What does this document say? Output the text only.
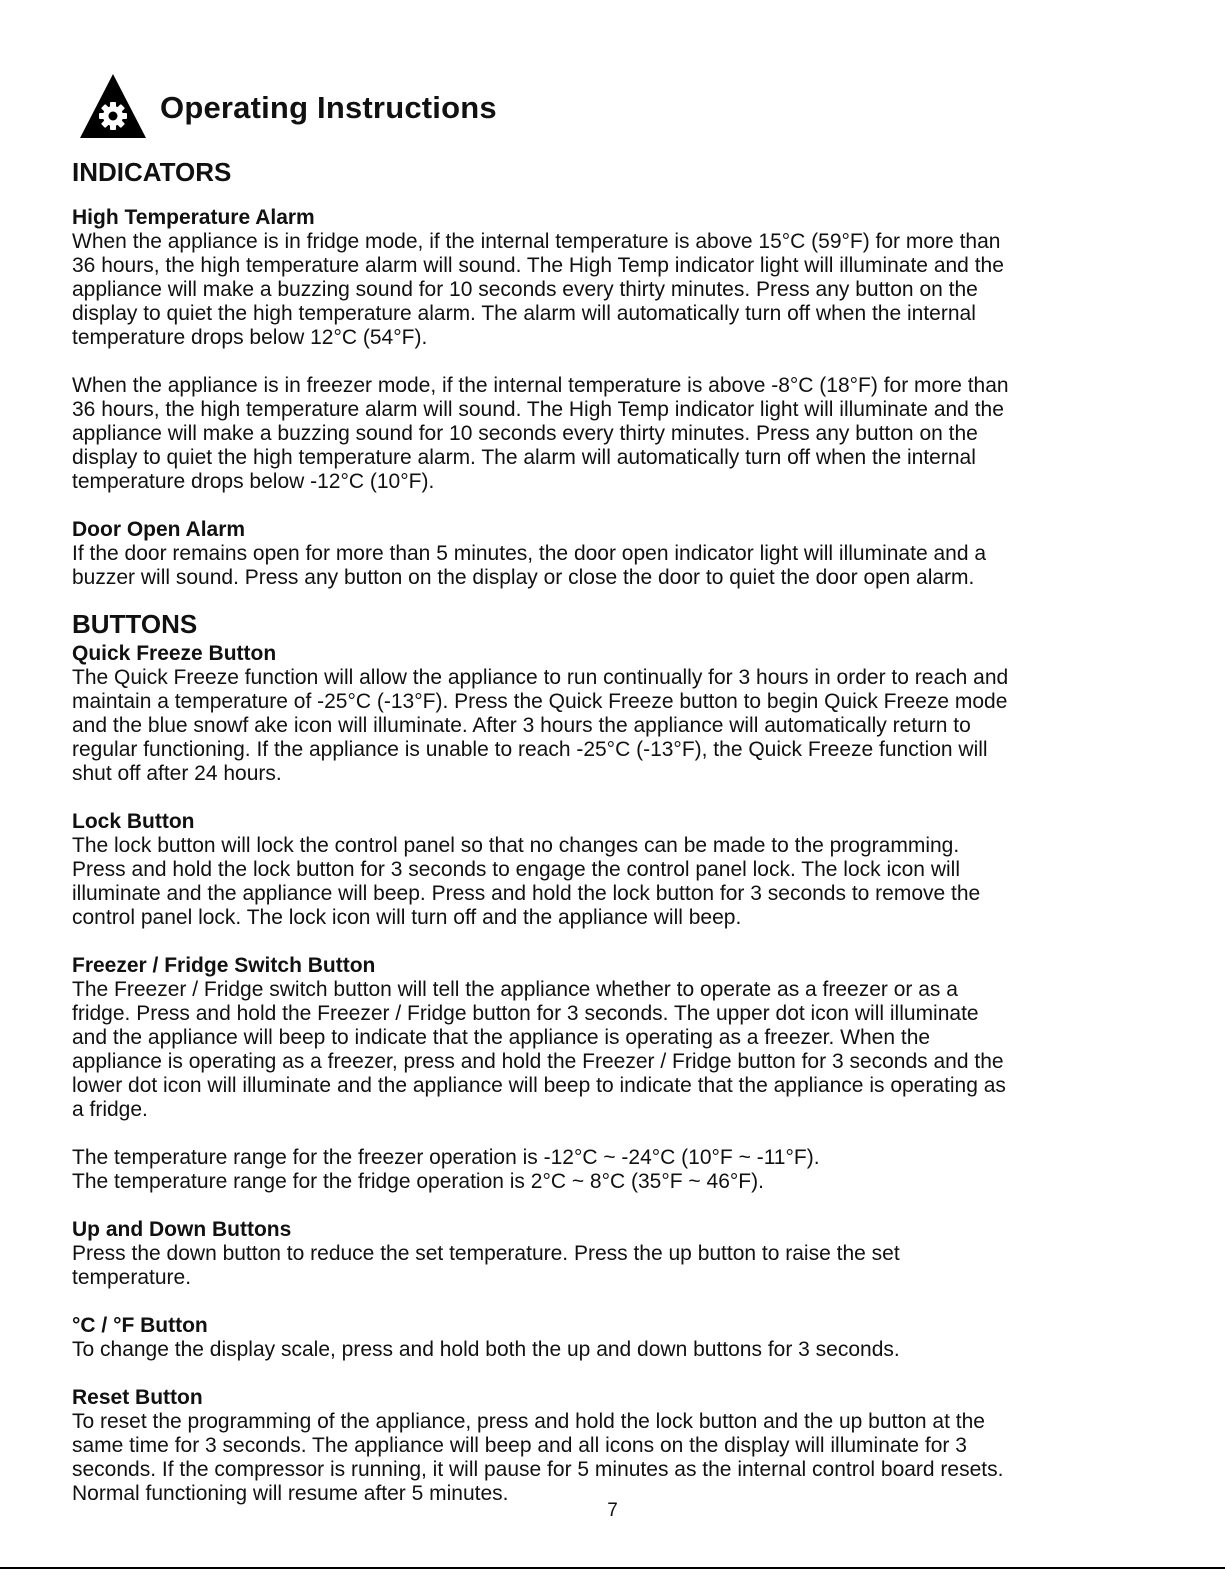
Operating Instructions
INDICATORS
High Temperature Alarm

When the appliance is in fridge mode, if the internal temperature is above 15°C (59°F) for more than
36 hours, the high temperature alarm will sound. The High Temp indicator light will illuminate and the
appliance will make a buzzing sound for 10 seconds every thirty minutes. Press any button on the
display to quiet the high temperature alarm. The alarm will automatically turn off when the internal
temperature drops below 12°C (54°F).

When the appliance is in freezer mode, if the internal temperature is above -8°C (18°F) for more than
36 hours, the high temperature alarm will sound. The High Temp indicator light will illuminate and the
appliance will make a buzzing sound for 10 seconds every thirty minutes. Press any button on the
display to quiet the high temperature alarm. The alarm will automatically turn off when the internal
temperature drops below -12°C (10°F).

Door Open Alarm

If the door remains open for more than 5 minutes, the door open indicator light will illuminate and a
buzzer will sound. Press any button on the display or close the door to quiet the door open alarm.

BUTTONS
Quick Freeze Button

The Quick Freeze function will allow the appliance to run continually for 3 hours in order to reach and
maintain a temperature of -25°C (-13°F). Press the Quick Freeze button to begin Quick Freeze mode
and the blue snowf ake icon will illuminate. After 3 hours the appliance will automatically return to
regular functioning. If the appliance is unable to reach -25°C (-13°F), the Quick Freeze function will
shut off after 24 hours.

Lock Button

The lock button will lock the control panel so that no changes can be made to the programming.
Press and hold the lock button for 3 seconds to engage the control panel lock. The lock icon will
illuminate and the appliance will beep. Press and hold the lock button for 3 seconds to remove the
control panel lock. The lock icon will turn off and the appliance will beep.

Freezer / Fridge Switch Button

The Freezer / Fridge switch button will tell the appliance whether to operate as a freezer or as a
fridge. Press and hold the Freezer / Fridge button for 3 seconds. The upper dot icon will illuminate
and the appliance will beep to indicate that the appliance is operating as a freezer. When the
appliance is operating as a freezer, press and hold the Freezer / Fridge button for 3 seconds and the
lower dot icon will illuminate and the appliance will beep to indicate that the appliance is operating as
a fridge.

The temperature range for the freezer operation is -12°C ~ -24°C (10°F ~ -11°F).

The temperature range for the fridge operation is 2°C ~ 8°C (35°F ~ 46°F).

Up and Down Buttons

Press the down button to reduce the set temperature. Press the up button to raise the set
temperature.

°C / °F Button

To change the display scale, press and hold both the up and down buttons for 3 seconds.

Reset Button

To reset the programming of the appliance, press and hold the lock button and the up button at the
same time for 3 seconds. The appliance will beep and all icons on the display will illuminate for 3
seconds. If the compressor is running, it will pause for 5 minutes as the internal control board resets.
Normal functioning will resume after 5 minutes.

7
